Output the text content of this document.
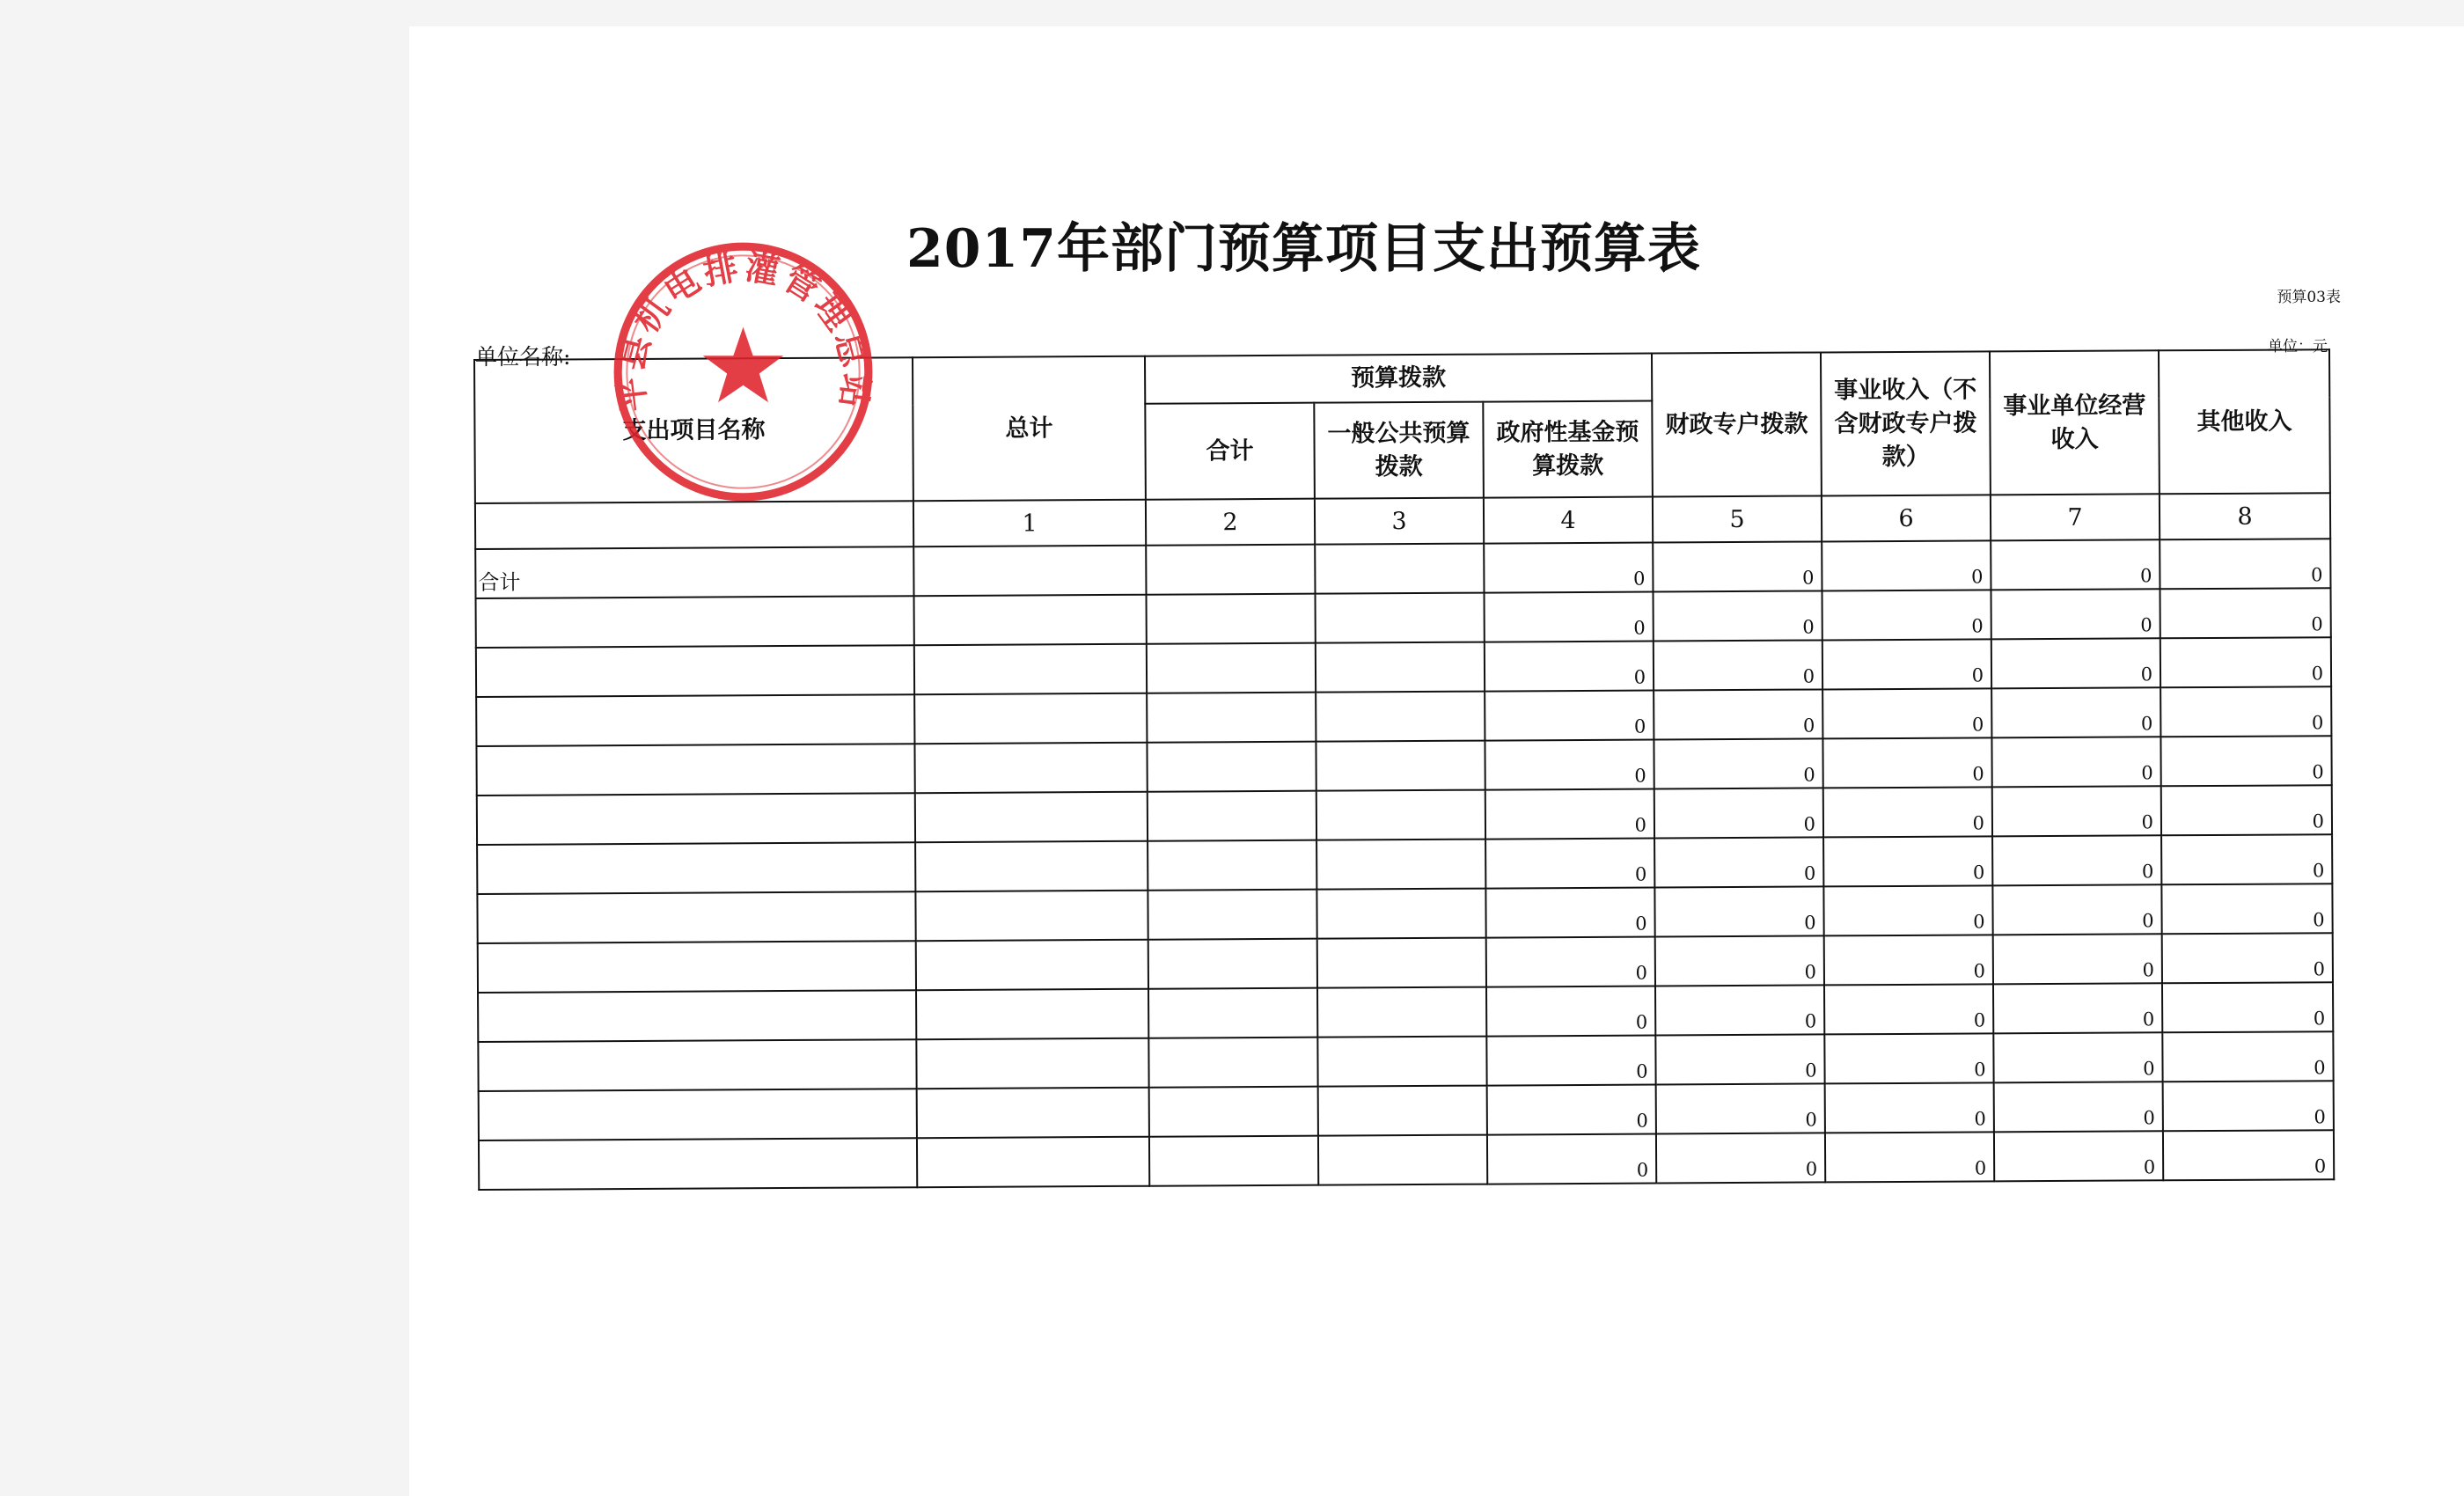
2017年部门预算项目支出预算表
预算03表
单位名称:	单位：元
支出项目名称	总计	预算拨款			财政专户拨款	事业收入（不含财政专户拨款）	事业单位经营收入	其他收入
		合计	一般公共预算拨款	政府性基金预算拨款				
	1	2	3	4	5	6	7	8
合计				0	0	0	0	0
				0	0	0	0	0
				0	0	0	0	0
				0	0	0	0	0
				0	0	0	0	0
				0	0	0	0	0
				0	0	0	0	0
				0	0	0	0	0
				0	0	0	0	0
				0	0	0	0	0
				0	0	0	0	0
				0	0	0	0	0
				0	0	0	0	0
平县机电排灌管理总站
